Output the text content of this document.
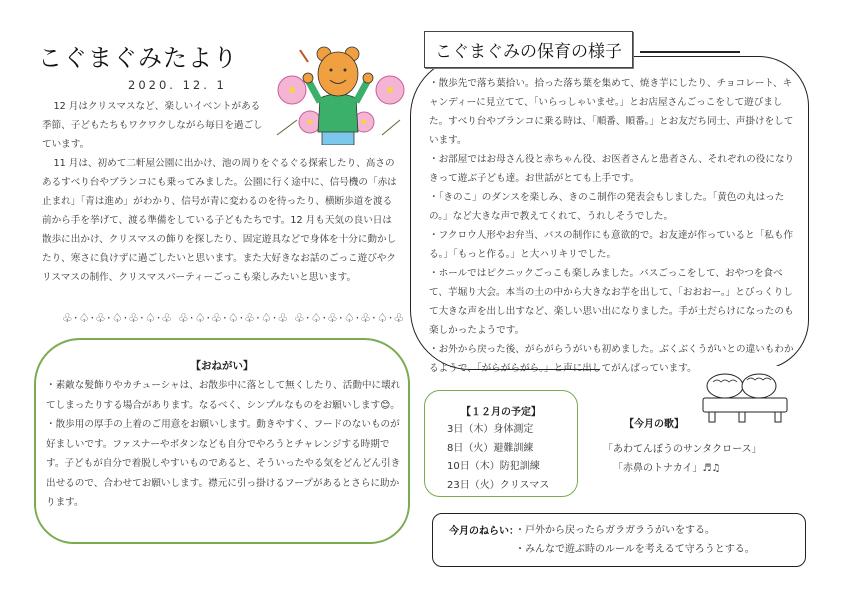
こぐまぐみたより
2020. 12. 1
12 月はクリスマスなど、楽しいイベントがある季節、子どもたちもワクワクしながら毎日を過ごしています。
11 月は、初めて二軒屋公園に出かけ、池の周りをぐるぐる探索したり、高さのあるすべり台やブランコにも乗ってみました。公園に行く途中に、信号機の「赤は止まれ」「青は進め」がわかり、信号が青に変わるのを待ったり、横断歩道を渡る前から手を挙げて、渡る準備をしている子どもたちです。12 月も天気の良い日は散歩に出かけ、クリスマスの飾りを探したり、固定遊具などで身体を十分に動かしたり、寒さに負けずに過ごしたいと思います。また大好きなお話のごっこ遊びやクリスマスの制作、クリスマスパーティーごっこも楽しみたいと思います。
♧·♤·♧·♤·♧·♤·♧ ♧·♤·♧·♤·♧·♤·♧ ♧·♤·♧·♤·♧·♤·♧
【おねがい】
・素敵な髪飾りやカチューシャは、お散歩中に落として無くしたり、活動中に壊れてしまったりする場合があります。なるべく、シンプルなものをお願いします😊。
・散歩用の厚手の上着のご用意をお願いします。動きやすく、フードのないものが好ましいです。ファスナーやボタンなども自分でやろうとチャレンジする時期です。子どもが自分で着脱しやすいものであると、そういったやる気をどんどん引き出せるので、合わせてお願いします。襟元に引っ掛けるフープがあるとさらに助かります。
こぐまぐみの保育の様子
・散歩先で落ち葉拾い。拾った落ち葉を集めて、焼き芋にしたり、チョコレート、キャンディーに見立てて、「いらっしゃいませ。」とお店屋さんごっこをして遊びました。すべり台やブランコに乗る時は、「順番、順番。」とお友だち同士、声掛けをしています。
・お部屋ではお母さん役と赤ちゃん役、お医者さんと患者さん、それぞれの役になりきって遊ぶ子ども達。お世話がとても上手です。
・「きのこ」のダンスを楽しみ、きのこ制作の発表会もしました。「黄色の丸はったの。」など大きな声で教えてくれて、うれしそうでした。
・フクロウ人形やお弁当、バスの制作にも意欲的で。お友達が作っていると「私も作る。」「もっと作る。」と大ハリキリでした。
・ホールではピクニックごっこも楽しみました。バスごっこをして、おやつを食べて、芋堀り大会。本当の土の中から大きなお芋を出して、「おおおー。」とびっくりして大きな声を出し出すなど、楽しい思い出になりました。手が土だらけになったのも楽しかったようです。
・お外から戻った後、がらがらうがいも初めました。ぶくぶくうがいとの違いもわかるようで、「がらがらがら。」と声に出してがんばっています。
【１２月の予定】
3日（木）身体測定
8日（火）避難訓練
10日（木）防犯訓練
23日（火）クリスマス
【今月の歌】
「あわてんぼうのサンタクロース」
「赤鼻のトナカイ」♬♫
今月のねらい：
・戸外から戻ったらガラガラうがいをする。
・みんなで遊ぶ時のルールを考えるて守ろうとする。
